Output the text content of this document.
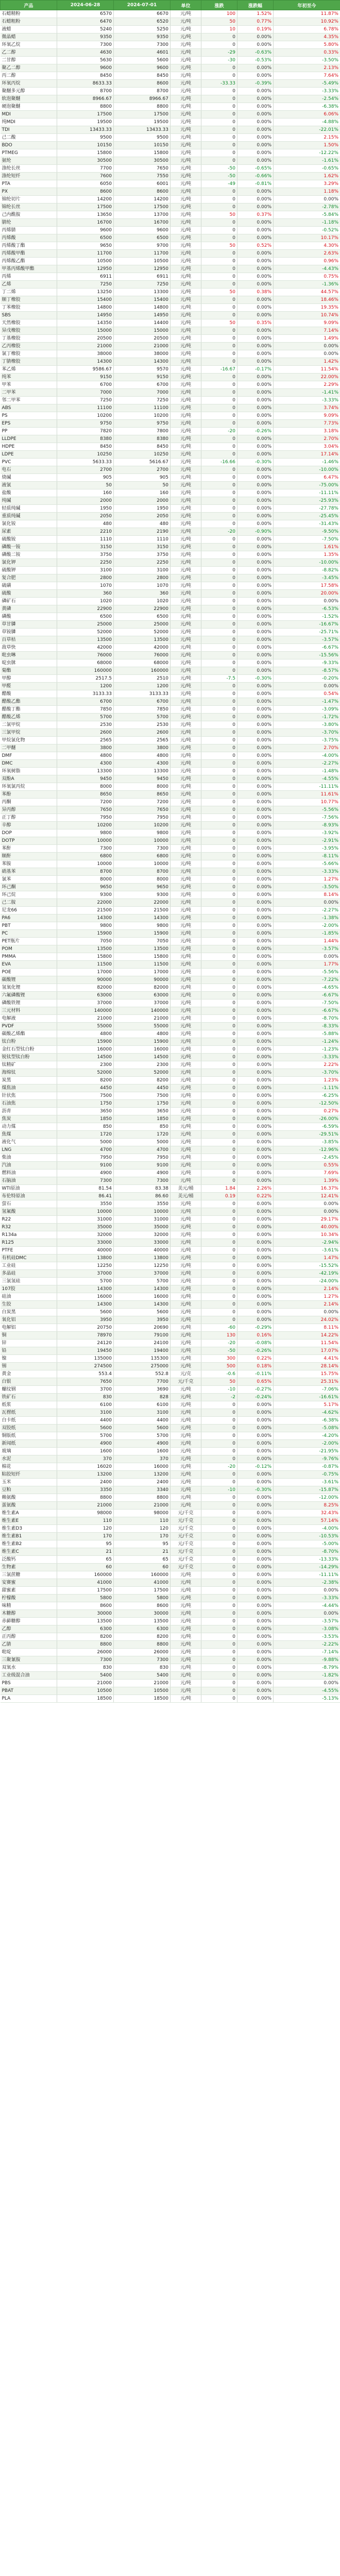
产品	2024-06-28	2024-07-01	单位	涨跌	涨跌幅	年初至今
石蜡精粉	6570	6670	元/吨	100	1.52%	11.87%
石蜡粗粉	6470	6520	元/吨	50	0.77%	10.92%
液蜡	5240	5250	元/吨	10	0.19%	6.78%
微晶蜡	9350	9350	元/吨	0	0.00%	4.35%
环氧乙烷	7300	7300	元/吨	0	0.00%	5.80%
乙二醇	4630	4601	元/吨	-29	-0.63%	0.33%
二甘醇	5630	5600	元/吨	-30	-0.53%	-3.50%
聚乙二醇	9600	9600	元/吨	0	0.00%	2.13%
丙二醇	8450	8450	元/吨	0	0.00%	7.64%
环氧丙烷	8633.33	8600	元/吨	-33.33	-0.39%	-5.49%
聚醚多元醇	8700	8700	元/吨	0	0.00%	-3.33%
软泡聚醚	8966.67	8966.67	元/吨	0	0.00%	-2.54%
硬泡聚醚	8800	8800	元/吨	0	0.00%	-6.38%
MDI	17500	17500	元/吨	0	0.00%	6.06%
纯MDI	19500	19500	元/吨	0	0.00%	-4.88%
TDI	13433.33	13433.33	元/吨	0	0.00%	-22.01%
己二酸	9500	9500	元/吨	0	0.00%	2.15%
BDO	10150	10150	元/吨	0	0.00%	1.50%
PTMEG	15800	15800	元/吨	0	0.00%	-12.22%
氨纶	30500	30500	元/吨	0	0.00%	-1.61%
涤纶长丝	7700	7650	元/吨	-50	-0.65%	-0.65%
涤纶短纤	7600	7550	元/吨	-50	-0.66%	1.62%
PTA	6050	6001	元/吨	-49	-0.81%	3.29%
PX	8600	8600	元/吨	0	0.00%	1.18%
锦纶切片	14200	14200	元/吨	0	0.00%	0.00%
锦纶长丝	17500	17500	元/吨	0	0.00%	-2.78%
己内酰胺	13650	13700	元/吨	50	0.37%	-5.84%
腈纶	16700	16700	元/吨	0	0.00%	-1.18%
丙烯腈	9600	9600	元/吨	0	0.00%	-0.52%
丙烯酸	6500	6500	元/吨	0	0.00%	10.17%
丙烯酸丁酯	9650	9700	元/吨	50	0.52%	4.30%
丙烯酸甲酯	11700	11700	元/吨	0	0.00%	2.63%
丙烯酸乙酯	10500	10500	元/吨	0	0.00%	0.96%
甲基丙烯酸甲酯	12950	12950	元/吨	0	0.00%	-4.43%
丙烯	6911	6911	元/吨	0	0.00%	0.75%
乙烯	7250	7250	元/吨	0	0.00%	-1.36%
丁二烯	13250	13300	元/吨	50	0.38%	44.57%
顺丁橡胶	15400	15400	元/吨	0	0.00%	18.46%
丁苯橡胶	14800	14800	元/吨	0	0.00%	19.35%
SBS	14950	14950	元/吨	0	0.00%	10.74%
天然橡胶	14350	14400	元/吨	50	0.35%	9.09%
异戊橡胶	15000	15000	元/吨	0	0.00%	7.14%
丁基橡胶	20500	20500	元/吨	0	0.00%	1.49%
乙丙橡胶	21000	21000	元/吨	0	0.00%	0.00%
氯丁橡胶	38000	38000	元/吨	0	0.00%	0.00%
丁腈橡胶	14300	14300	元/吨	0	0.00%	1.42%
苯乙烯	9586.67	9570	元/吨	-16.67	-0.17%	11.54%
纯苯	9150	9150	元/吨	0	0.00%	22.00%
甲苯	6700	6700	元/吨	0	0.00%	2.29%
二甲苯	7000	7000	元/吨	0	0.00%	-1.41%
邻二甲苯	7250	7250	元/吨	0	0.00%	-3.33%
ABS	11100	11100	元/吨	0	0.00%	3.74%
PS	10200	10200	元/吨	0	0.00%	9.09%
EPS	9750	9750	元/吨	0	0.00%	7.73%
PP	7820	7800	元/吨	-20	-0.26%	3.18%
LLDPE	8380	8380	元/吨	0	0.00%	2.70%
HDPE	8450	8450	元/吨	0	0.00%	3.04%
LDPE	10250	10250	元/吨	0	0.00%	17.14%
PVC	5633.33	5616.67	元/吨	-16.66	-0.30%	-1.46%
电石	2700	2700	元/吨	0	0.00%	-10.00%
烧碱	905	905	元/吨	0	0.00%	6.47%
液氯	50	50	元/吨	0	0.00%	-75.00%
盐酸	160	160	元/吨	0	0.00%	-11.11%
纯碱	2000	2000	元/吨	0	0.00%	-25.93%
轻质纯碱	1950	1950	元/吨	0	0.00%	-27.78%
重质纯碱	2050	2050	元/吨	0	0.00%	-25.45%
氯化铵	480	480	元/吨	0	0.00%	-31.43%
尿素	2210	2190	元/吨	-20	-0.90%	-9.50%
硫酸铵	1110	1110	元/吨	0	0.00%	-7.50%
磷酸一铵	3150	3150	元/吨	0	0.00%	1.61%
磷酸二铵	3750	3750	元/吨	0	0.00%	1.35%
氯化钾	2250	2250	元/吨	0	0.00%	-10.00%
硫酸钾	3100	3100	元/吨	0	0.00%	-8.82%
复合肥	2800	2800	元/吨	0	0.00%	-3.45%
硫磺	1070	1070	元/吨	0	0.00%	17.58%
硫酸	360	360	元/吨	0	0.00%	20.00%
磷矿石	1020	1020	元/吨	0	0.00%	0.00%
黄磷	22900	22900	元/吨	0	0.00%	-6.53%
磷酸	6500	6500	元/吨	0	0.00%	-1.52%
草甘膦	25000	25000	元/吨	0	0.00%	-16.67%
草铵膦	52000	52000	元/吨	0	0.00%	-25.71%
百草枯	13500	13500	元/吨	0	0.00%	-3.57%
敌草快	42000	42000	元/吨	0	0.00%	-6.67%
吡虫啉	76000	76000	元/吨	0	0.00%	-15.56%
啶虫脒	68000	68000	元/吨	0	0.00%	-9.33%
菊酯	160000	160000	元/吨	0	0.00%	-8.57%
甲醇	2517.5	2510	元/吨	-7.5	-0.30%	-0.20%
甲醛	1200	1200	元/吨	0	0.00%	0.00%
醋酸	3133.33	3133.33	元/吨	0	0.00%	0.54%
醋酸乙酯	6700	6700	元/吨	0	0.00%	-1.47%
醋酸丁酯	7850	7850	元/吨	0	0.00%	-3.09%
醋酸乙烯	5700	5700	元/吨	0	0.00%	-1.72%
二氯甲烷	2530	2530	元/吨	0	0.00%	-3.80%
三氯甲烷	2600	2600	元/吨	0	0.00%	-3.70%
甲烷氯化物	2565	2565	元/吨	0	0.00%	-3.75%
二甲醚	3800	3800	元/吨	0	0.00%	2.70%
DMF	4800	4800	元/吨	0	0.00%	-4.00%
DMC	4300	4300	元/吨	0	0.00%	-2.27%
环氧树脂	13300	13300	元/吨	0	0.00%	-1.48%
双酚A	9450	9450	元/吨	0	0.00%	-4.55%
环氧氯丙烷	8000	8000	元/吨	0	0.00%	-11.11%
苯酚	8650	8650	元/吨	0	0.00%	11.61%
丙酮	7200	7200	元/吨	0	0.00%	10.77%
异丙醇	7650	7650	元/吨	0	0.00%	-5.56%
正丁醇	7950	7950	元/吨	0	0.00%	-7.56%
辛醇	10200	10200	元/吨	0	0.00%	-8.93%
DOP	9800	9800	元/吨	0	0.00%	-3.92%
DOTP	10000	10000	元/吨	0	0.00%	-2.91%
苯酐	7300	7300	元/吨	0	0.00%	-3.95%
顺酐	6800	6800	元/吨	0	0.00%	-8.11%
苯胺	10000	10000	元/吨	0	0.00%	-5.66%
硝基苯	8700	8700	元/吨	0	0.00%	-3.33%
氯苯	8000	8000	元/吨	0	0.00%	1.27%
环己酮	9650	9650	元/吨	0	0.00%	-3.50%
环己烷	9300	9300	元/吨	0	0.00%	8.14%
己二胺	22000	22000	元/吨	0	0.00%	0.00%
尼龙66	21500	21500	元/吨	0	0.00%	-2.27%
PA6	14300	14300	元/吨	0	0.00%	-1.38%
PBT	9800	9800	元/吨	0	0.00%	-2.00%
PC	15900	15900	元/吨	0	0.00%	-1.85%
PET瓶片	7050	7050	元/吨	0	0.00%	1.44%
POM	13500	13500	元/吨	0	0.00%	-3.57%
PMMA	15800	15800	元/吨	0	0.00%	0.00%
EVA	11500	11500	元/吨	0	0.00%	1.77%
POE	17000	17000	元/吨	0	0.00%	-5.56%
碳酸锂	90000	90000	元/吨	0	0.00%	-7.22%
氢氧化锂	82000	82000	元/吨	0	0.00%	-4.65%
六氟磷酸锂	63000	63000	元/吨	0	0.00%	-6.67%
磷酸铁锂	37000	37000	元/吨	0	0.00%	-7.50%
三元材料	140000	140000	元/吨	0	0.00%	-6.67%
电解液	21000	21000	元/吨	0	0.00%	-8.70%
PVDF	55000	55000	元/吨	0	0.00%	-8.33%
碳酸乙烯酯	4800	4800	元/吨	0	0.00%	-5.88%
钛白粉	15900	15900	元/吨	0	0.00%	-1.24%
金红石型钛白粉	16000	16000	元/吨	0	0.00%	-1.23%
锐钛型钛白粉	14500	14500	元/吨	0	0.00%	-3.33%
钛精矿	2300	2300	元/吨	0	0.00%	2.22%
海绵钛	52000	52000	元/吨	0	0.00%	-3.70%
炭黑	8200	8200	元/吨	0	0.00%	1.23%
煤焦油	4450	4450	元/吨	0	0.00%	-1.11%
针状焦	7500	7500	元/吨	0	0.00%	-6.25%
石油焦	1750	1750	元/吨	0	0.00%	-12.50%
沥青	3650	3650	元/吨	0	0.00%	0.27%
焦炭	1850	1850	元/吨	0	0.00%	-26.00%
动力煤	850	850	元/吨	0	0.00%	-6.59%
焦煤	1720	1720	元/吨	0	0.00%	-29.51%
液化气	5000	5000	元/吨	0	0.00%	-3.85%
LNG	4700	4700	元/吨	0	0.00%	-12.96%
柴油	7950	7950	元/吨	0	0.00%	-2.45%
汽油	9100	9100	元/吨	0	0.00%	0.55%
燃料油	4900	4900	元/吨	0	0.00%	7.69%
石脑油	7300	7300	元/吨	0	0.00%	1.39%
WTI原油	81.54	83.38	美元/桶	1.84	2.26%	16.37%
布伦特原油	86.41	86.60	美元/桶	0.19	0.22%	12.41%
萤石	3550	3550	元/吨	0	0.00%	0.00%
氢氟酸	10000	10000	元/吨	0	0.00%	0.00%
R22	31000	31000	元/吨	0	0.00%	29.17%
R32	35000	35000	元/吨	0	0.00%	40.00%
R134a	32000	32000	元/吨	0	0.00%	10.34%
R125	33000	33000	元/吨	0	0.00%	-2.94%
PTFE	40000	40000	元/吨	0	0.00%	-3.61%
有机硅DMC	13800	13800	元/吨	0	0.00%	1.47%
工业硅	12250	12250	元/吨	0	0.00%	-15.52%
多晶硅	37000	37000	元/吨	0	0.00%	-42.19%
三氯氢硅	5700	5700	元/吨	0	0.00%	-24.00%
107胶	14300	14300	元/吨	0	0.00%	2.14%
硅油	16000	16000	元/吨	0	0.00%	1.27%
生胶	14300	14300	元/吨	0	0.00%	2.14%
白炭黑	5600	5600	元/吨	0	0.00%	0.00%
氧化铝	3950	3950	元/吨	0	0.00%	24.02%
电解铝	20750	20690	元/吨	-60	-0.29%	8.11%
铜	78970	79100	元/吨	130	0.16%	14.22%
锌	24120	24100	元/吨	-20	-0.08%	11.54%
铅	19450	19400	元/吨	-50	-0.26%	17.07%
镍	135000	135300	元/吨	300	0.22%	4.41%
锡	274500	275000	元/吨	500	0.18%	28.14%
黄金	553.4	552.8	元/克	-0.6	-0.11%	15.75%
白银	7650	7700	元/千克	50	0.65%	25.31%
螺纹钢	3700	3690	元/吨	-10	-0.27%	-7.06%
铁矿石	830	828	元/吨	-2	-0.24%	-16.61%
纸浆	6100	6100	元/吨	0	0.00%	5.17%
瓦楞纸	3100	3100	元/吨	0	0.00%	-4.62%
白卡纸	4400	4400	元/吨	0	0.00%	-6.38%
双胶纸	5600	5600	元/吨	0	0.00%	-5.08%
铜版纸	5700	5700	元/吨	0	0.00%	-4.20%
新闻纸	4900	4900	元/吨	0	0.00%	-2.00%
玻璃	1600	1600	元/吨	0	0.00%	-21.95%
水泥	370	370	元/吨	0	0.00%	-9.76%
棉花	16020	16000	元/吨	-20	-0.12%	-0.87%
粘胶短纤	13200	13200	元/吨	0	0.00%	-0.75%
玉米	2400	2400	元/吨	0	0.00%	-3.61%
豆粕	3350	3340	元/吨	-10	-0.30%	-15.87%
赖氨酸	8800	8800	元/吨	0	0.00%	-12.00%
蛋氨酸	21000	21000	元/吨	0	0.00%	8.25%
维生素A	98000	98000	元/千克	0	0.00%	32.43%
维生素E	110	110	元/千克	0	0.00%	57.14%
维生素D3	120	120	元/千克	0	0.00%	-4.00%
维生素B1	170	170	元/千克	0	0.00%	-10.53%
维生素B2	95	95	元/千克	0	0.00%	-5.00%
维生素C	21	21	元/千克	0	0.00%	-8.70%
泛酸钙	65	65	元/千克	0	0.00%	-13.33%
生物素	60	60	元/千克	0	0.00%	-14.29%
三氯蔗糖	160000	160000	元/吨	0	0.00%	-11.11%
安赛蜜	41000	41000	元/吨	0	0.00%	-2.38%
甜蜜素	17500	17500	元/吨	0	0.00%	0.00%
柠檬酸	5800	5800	元/吨	0	0.00%	-3.33%
味精	8600	8600	元/吨	0	0.00%	-4.44%
木糖醇	30000	30000	元/吨	0	0.00%	0.00%
赤藓糖醇	13500	13500	元/吨	0	0.00%	-3.57%
乙醇	6300	6300	元/吨	0	0.00%	-3.08%
正丙醇	8200	8200	元/吨	0	0.00%	-3.53%
乙腈	8800	8800	元/吨	0	0.00%	-2.22%
吡啶	26000	26000	元/吨	0	0.00%	-7.14%
三聚氰胺	7300	7300	元/吨	0	0.00%	-9.88%
双氧水	830	830	元/吨	0	0.00%	-8.79%
工业级混合油	5400	5400	元/吨	0	0.00%	-1.82%
PBS	21000	21000	元/吨	0	0.00%	0.00%
PBAT	10500	10500	元/吨	0	0.00%	-4.55%
PLA	18500	18500	元/吨	0	0.00%	-5.13%
